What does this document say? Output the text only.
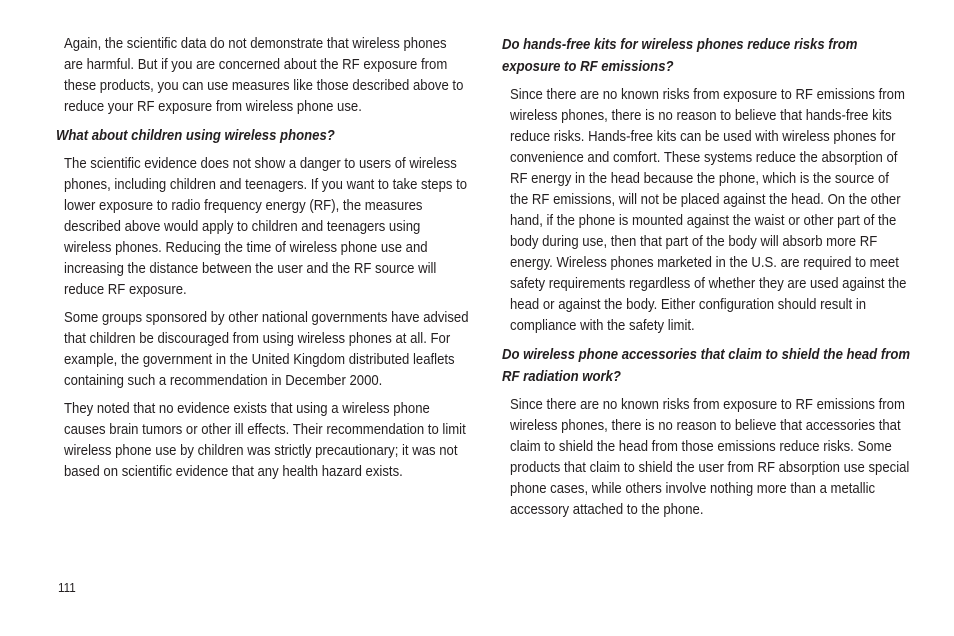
Again, the scientific data do not demonstrate that wireless phones are harmful. But if you are concerned about the RF exposure from these products, you can use measures like those described above to reduce your RF exposure from wireless phone use.

What about children using wireless phones?

The scientific evidence does not show a danger to users of wireless phones, including children and teenagers. If you want to take steps to lower exposure to radio frequency energy (RF), the measures described above would apply to children and teenagers using wireless phones. Reducing the time of wireless phone use and increasing the distance between the user and the RF source will reduce RF exposure.

Some groups sponsored by other national governments have advised that children be discouraged from using wireless phones at all. For example, the government in the United Kingdom distributed leaflets containing such a recommendation in December 2000.

They noted that no evidence exists that using a wireless phone causes brain tumors or other ill effects. Their recommendation to limit wireless phone use by children was strictly precautionary; it was not based on scientific evidence that any health hazard exists.

Do hands-free kits for wireless phones reduce risks from exposure to RF emissions?

Since there are no known risks from exposure to RF emissions from wireless phones, there is no reason to believe that hands-free kits reduce risks. Hands-free kits can be used with wireless phones for convenience and comfort. These systems reduce the absorption of RF energy in the head because the phone, which is the source of the RF emissions, will not be placed against the head. On the other hand, if the phone is mounted against the waist or other part of the body during use, then that part of the body will absorb more RF energy. Wireless phones marketed in the U.S. are required to meet safety requirements regardless of whether they are used against the head or against the body. Either configuration should result in compliance with the safety limit.

Do wireless phone accessories that claim to shield the head from RF radiation work?

Since there are no known risks from exposure to RF emissions from wireless phones, there is no reason to believe that accessories that claim to shield the head from those emissions reduce risks. Some products that claim to shield the user from RF absorption use special phone cases, while others involve nothing more than a metallic accessory attached to the phone.

111
